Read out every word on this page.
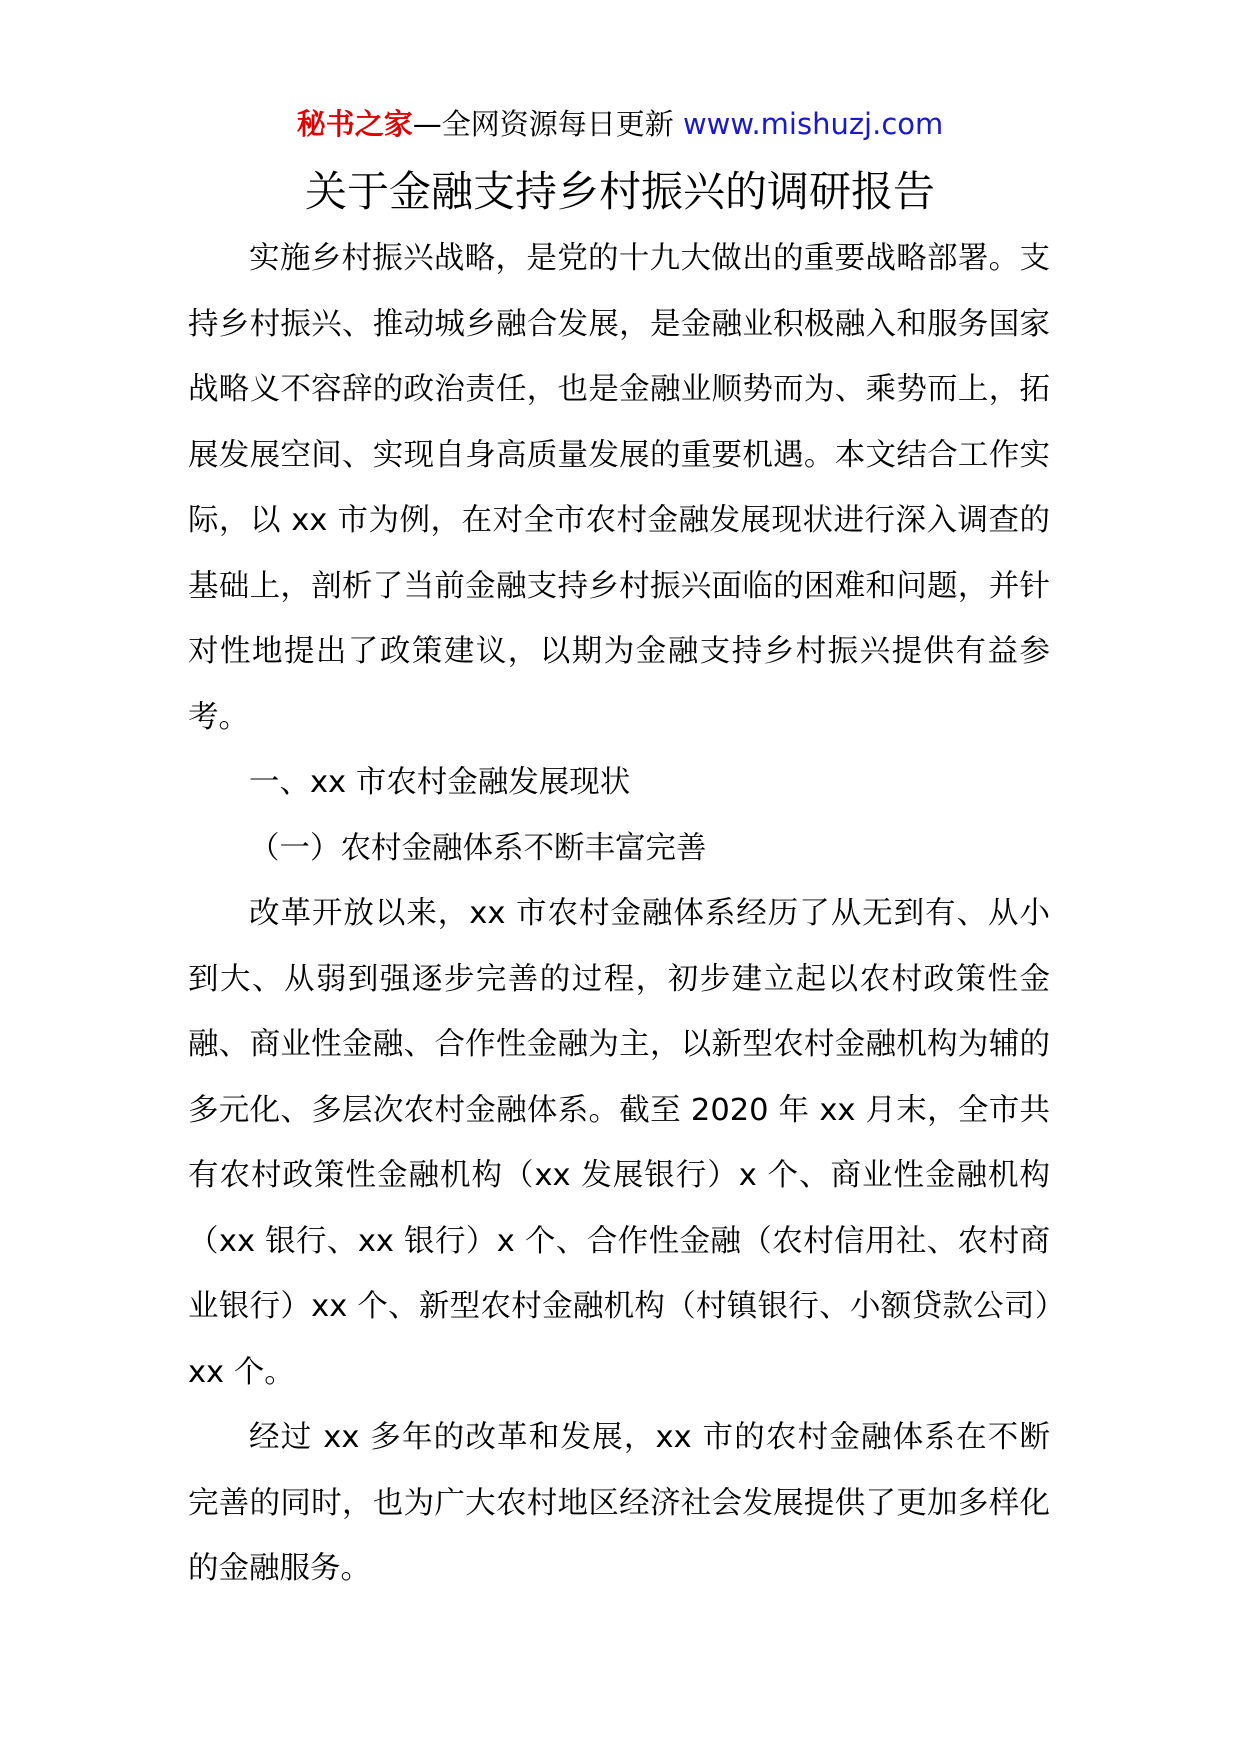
秘书之家—全网资源每日更新 www.mishuzj.com
关于金融支持乡村振兴的调研报告

实施乡村振兴战略，是党的十九大做出的重要战略部署。支持乡村振兴、推动城乡融合发展，是金融业积极融入和服务国家战略义不容辞的政治责任，也是金融业顺势而为、乘势而上，拓展发展空间、实现自身高质量发展的重要机遇。本文结合工作实际，以 xx 市为例，在对全市农村金融发展现状进行深入调查的基础上，剖析了当前金融支持乡村振兴面临的困难和问题，并针对性地提出了政策建议，以期为金融支持乡村振兴提供有益参考。

一、xx 市农村金融发展现状

（一）农村金融体系不断丰富完善

改革开放以来，xx 市农村金融体系经历了从无到有、从小到大、从弱到强逐步完善的过程，初步建立起以农村政策性金融、商业性金融、合作性金融为主，以新型农村金融机构为辅的多元化、多层次农村金融体系。截至 2020 年 xx 月末，全市共有农村政策性金融机构（xx 发展银行）x 个、商业性金融机构（xx 银行、xx 银行）x 个、合作性金融（农村信用社、农村商业银行）xx 个、新型农村金融机构（村镇银行、小额贷款公司）xx 个。

经过 xx 多年的改革和发展，xx 市的农村金融体系在不断完善的同时，也为广大农村地区经济社会发展提供了更加多样化的金融服务。
